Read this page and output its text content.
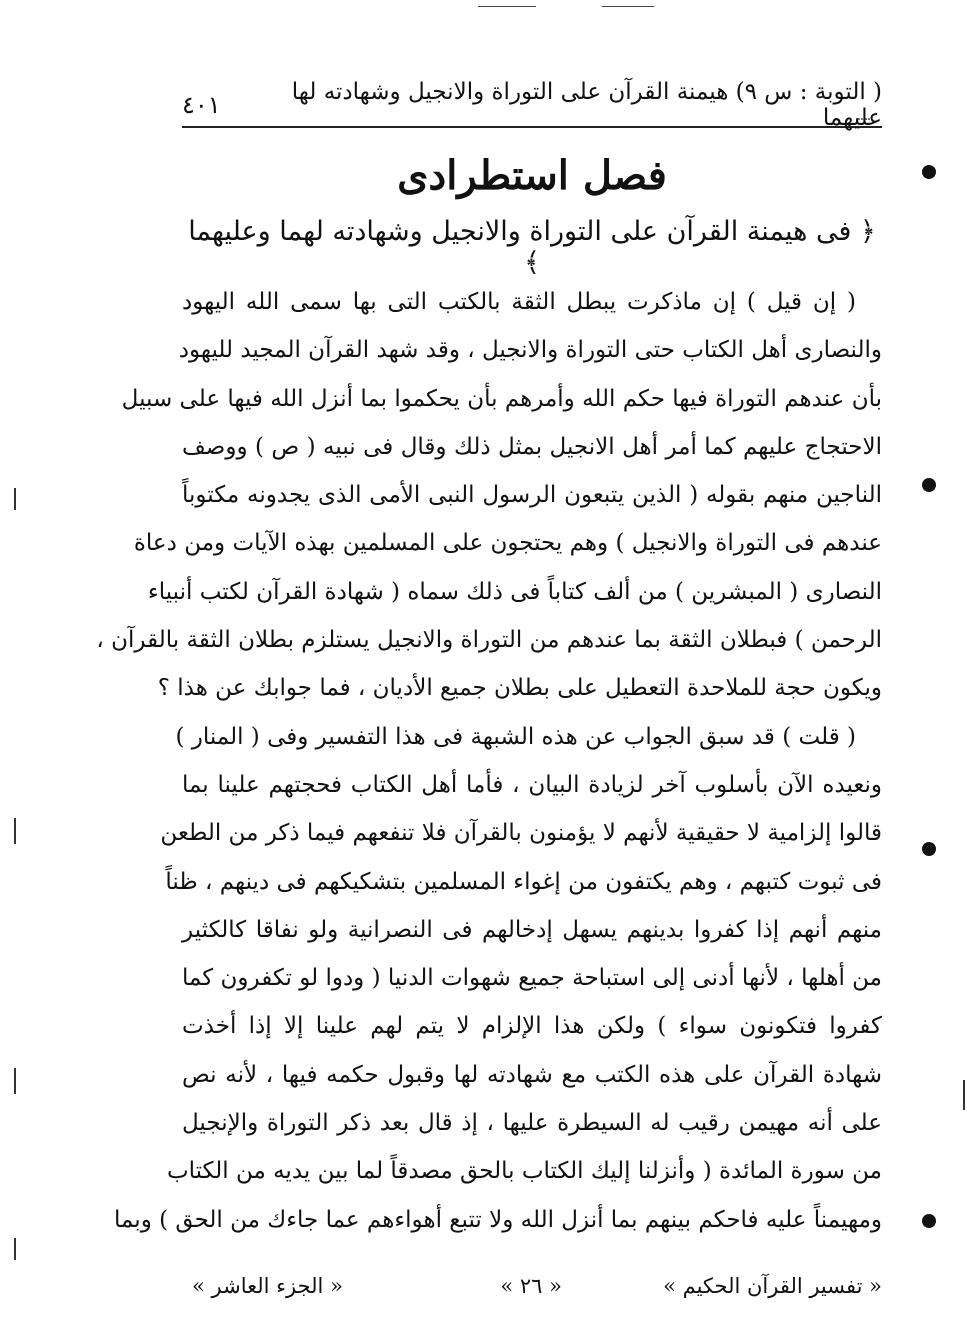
( التوبة : س ٩) هيمنة القرآن على التوراة والانجيل وشهادته لها عليهما
٤٠١
فصل استطرادى
﴿ فى هيمنة القرآن على التوراة والانجيل وشهادته لهما وعليهما ﴾
( إن قيل ) إن ماذكرت يبطل الثقة بالكتب التى بها سمى الله اليهود
والنصارى أهل الكتاب حتى التوراة والانجيل ، وقد شهد القرآن المجيد لليهود
بأن عندهم التوراة فيها حكم الله وأمرهم بأن يحكموا بما أنزل الله فيها على سبيل
الاحتجاج عليهم كما أمر أهل الانجيل بمثل ذلك وقال فى نبيه ( ص ) ووصف
الناجين منهم بقوله ( الذين يتبعون الرسول النبى الأمى الذى يجدونه مكتوباً
عندهم فى التوراة والانجيل ) وهم يحتجون على المسلمين بهذه الآيات ومن دعاة
النصارى ( المبشرين ) من ألف كتاباً فى ذلك سماه ( شهادة القرآن لكتب أنبياء
الرحمن ) فبطلان الثقة بما عندهم من التوراة والانجيل يستلزم بطلان الثقة بالقرآن ،
ويكون حجة للملاحدة التعطيل على بطلان جميع الأديان ، فما جوابك عن هذا ؟
( قلت ) قد سبق الجواب عن هذه الشبهة فى هذا التفسير وفى ( المنار )
ونعيده الآن بأسلوب آخر لزيادة البيان ، فأما أهل الكتاب فحجتهم علينا بما
قالوا إلزامية لا حقيقية لأنهم لا يؤمنون بالقرآن فلا تنفعهم فيما ذكر من الطعن
فى ثبوت كتبهم ، وهم يكتفون من إغواء المسلمين بتشكيكهم فى دينهم ، ظناً
منهم أنهم إذا كفروا بدينهم يسهل إدخالهم فى النصرانية ولو نفاقا كالكثير
من أهلها ، لأنها أدنى إلى استباحة جميع شهوات الدنيا ( ودوا لو تكفرون كما
كفروا فتكونون سواء ) ولكن هذا الإلزام لا يتم لهم علينا إلا إذا أخذت
شهادة القرآن على هذه الكتب مع شهادته لها وقبول حكمه فيها ، لأنه نص
على أنه مهيمن رقيب له السيطرة عليها ، إذ قال بعد ذكر التوراة والإنجيل
من سورة المائدة ( وأنزلنا إليك الكتاب بالحق مصدقاً لما بين يديه من الكتاب
ومهيمناً عليه فاحكم بينهم بما أنزل الله ولا تتبع أهواءهم عما جاءك من الحق ) وبما
« تفسير القرآن الحكيم »
« ٢٦ »
« الجزء العاشر »
